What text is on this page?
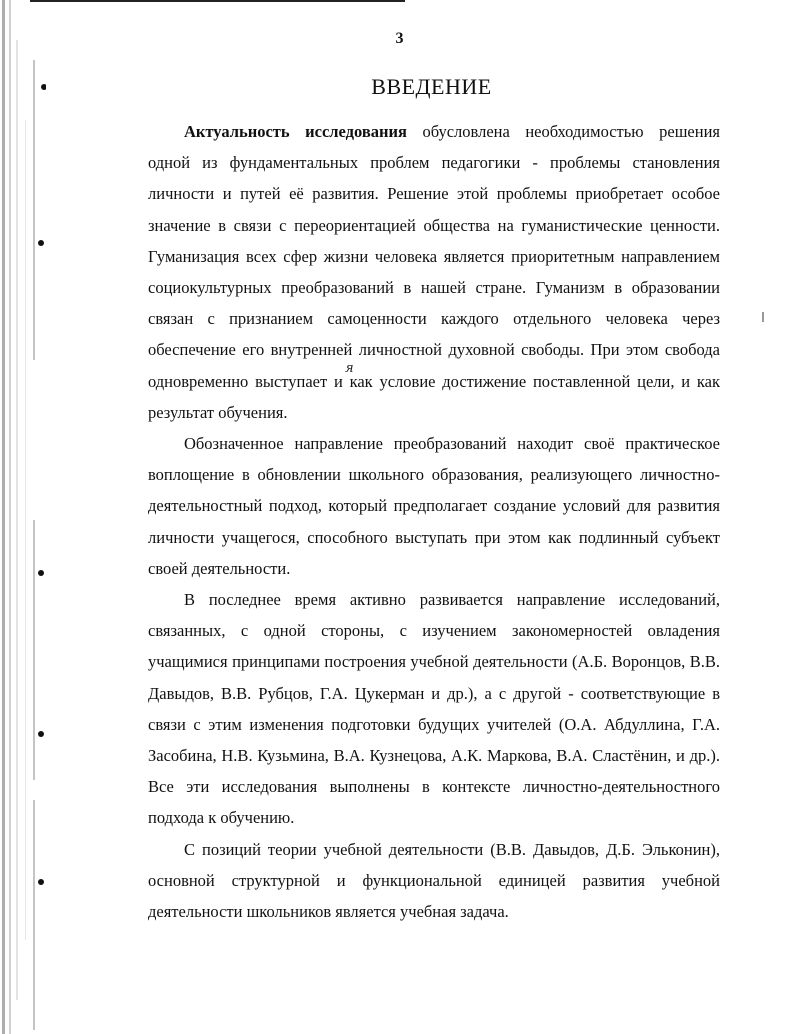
3
ВВЕДЕНИЕ
я

Актуальность исследования обусловлена необходимостью решения одной из фундаментальных проблем педагогики - проблемы становления личности и путей её развития. Решение этой проблемы приобретает особое значение в связи с переориентацией общества на гуманистические ценности. Гуманизация всех сфер жизни человека является приоритетным направлением социокультурных преобразований в нашей стране. Гуманизм в образовании связан с признанием самоценности каждого отдельного человека через обеспечение его внутренней личностной духовной свободы. При этом свобода одновременно выступает и как условие достижение поставленной цели, и как результат обучения.

Обозначенное направление преобразований находит своё практическое воплощение в обновлении школьного образования, реализующего личностно-деятельностный подход, который предполагает создание условий для развития личности учащегося, способного выступать при этом как подлинный субъект своей деятельности.

В последнее время активно развивается направление исследований, связанных, с одной стороны, с изучением закономерностей овладения учащимися принципами построения учебной деятельности (А.Б. Воронцов, В.В. Давыдов, В.В. Рубцов, Г.А. Цукерман и др.), а с другой - соответствующие в связи с этим изменения подготовки будущих учителей (О.А. Абдуллина, Г.А. Засобина, Н.В. Кузьмина, В.А. Кузнецова, А.К. Маркова, В.А. Сластёнин, и др.). Все эти исследования выполнены в контексте личностно-деятельностного подхода к обучению.

С позиций теории учебной деятельности (В.В. Давыдов, Д.Б. Эльконин), основной структурной и функциональной единицей развития учебной деятельности школьников является учебная задача.
